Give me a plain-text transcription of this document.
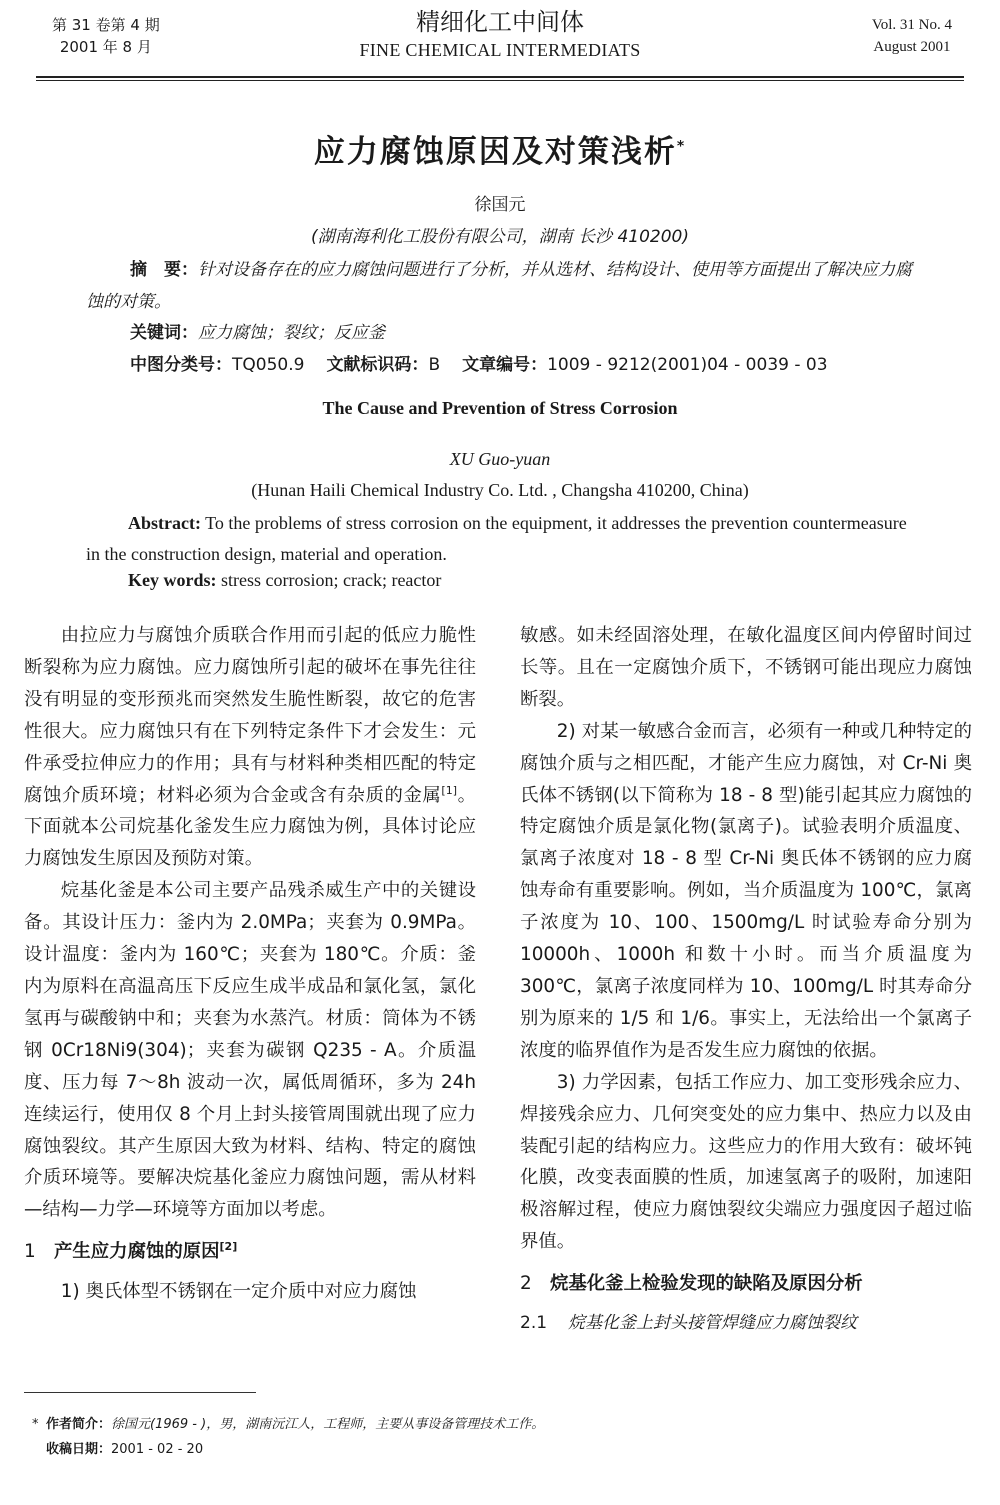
第 31 卷第 4 期
2001 年 8 月
精细化工中间体
FINE CHEMICAL INTERMEDIATS
Vol. 31 No. 4
August 2001
应力腐蚀原因及对策浅析*
徐国元
(湖南海利化工股份有限公司，湖南 长沙 410200)
摘　要：针对设备存在的应力腐蚀问题进行了分析，并从选材、结构设计、使用等方面提出了解决应力腐蚀的对策。
关键词：应力腐蚀；裂纹；反应釜
中图分类号：TQ050.9 文献标识码：B 文章编号：1009 - 9212(2001)04 - 0039 - 03
The Cause and Prevention of Stress Corrosion
XU Guo-yuan
(Hunan Haili Chemical Industry Co. Ltd. , Changsha 410200, China)
Abstract: To the problems of stress corrosion on the equipment, it addresses the prevention countermeasure in the construction design, material and operation.
Key words: stress corrosion; crack; reactor

由拉应力与腐蚀介质联合作用而引起的低应力脆性断裂称为应力腐蚀。应力腐蚀所引起的破坏在事先往往没有明显的变形预兆而突然发生脆性断裂，故它的危害性很大。应力腐蚀只有在下列特定条件下才会发生：元件承受拉伸应力的作用；具有与材料种类相匹配的特定腐蚀介质环境；材料必须为合金或含有杂质的金属[1]。下面就本公司烷基化釜发生应力腐蚀为例，具体讨论应力腐蚀发生原因及预防对策。

烷基化釜是本公司主要产品残杀威生产中的关键设备。其设计压力：釜内为 2.0MPa；夹套为 0.9MPa。设计温度：釜内为 160℃；夹套为 180℃。介质：釜内为原料在高温高压下反应生成半成品和氯化氢，氯化氢再与碳酸钠中和；夹套为水蒸汽。材质：筒体为不锈钢 0Cr18Ni9(304)；夹套为碳钢 Q235 - A。介质温度、压力每 7～8h 波动一次，属低周循环，多为 24h 连续运行，使用仅 8 个月上封头接管周围就出现了应力腐蚀裂纹。其产生原因大致为材料、结构、特定的腐蚀介质环境等。要解决烷基化釜应力腐蚀问题，需从材料—结构—力学—环境等方面加以考虑。

1 产生应力腐蚀的原因[2]

1) 奥氏体型不锈钢在一定介质中对应力腐蚀

敏感。如未经固溶处理，在敏化温度区间内停留时间过长等。且在一定腐蚀介质下，不锈钢可能出现应力腐蚀断裂。

2) 对某一敏感合金而言，必须有一种或几种特定的腐蚀介质与之相匹配，才能产生应力腐蚀，对 Cr-Ni 奥氏体不锈钢(以下简称为 18 - 8 型)能引起其应力腐蚀的特定腐蚀介质是氯化物(氯离子)。试验表明介质温度、氯离子浓度对 18 - 8 型 Cr-Ni 奥氏体不锈钢的应力腐蚀寿命有重要影响。例如，当介质温度为 100℃，氯离子浓度为 10、100、1500mg/L 时试验寿命分别为 10000h、1000h 和数十小时。而当介质温度为 300℃，氯离子浓度同样为 10、100mg/L 时其寿命分别为原来的 1/5 和 1/6。事实上，无法给出一个氯离子浓度的临界值作为是否发生应力腐蚀的依据。

3) 力学因素，包括工作应力、加工变形残余应力、焊接残余应力、几何突变处的应力集中、热应力以及由装配引起的结构应力。这些应力的作用大致有：破坏钝化膜，改变表面膜的性质，加速氢离子的吸附，加速阳极溶解过程，使应力腐蚀裂纹尖端应力强度因子超过临界值。

2 烷基化釜上检验发现的缺陷及原因分析

2.1 烷基化釜上封头接管焊缝应力腐蚀裂纹

* 作者简介：徐国元(1969 - )，男，湖南沅江人，工程师，主要从事设备管理技术工作。
收稿日期：2001 - 02 - 20
